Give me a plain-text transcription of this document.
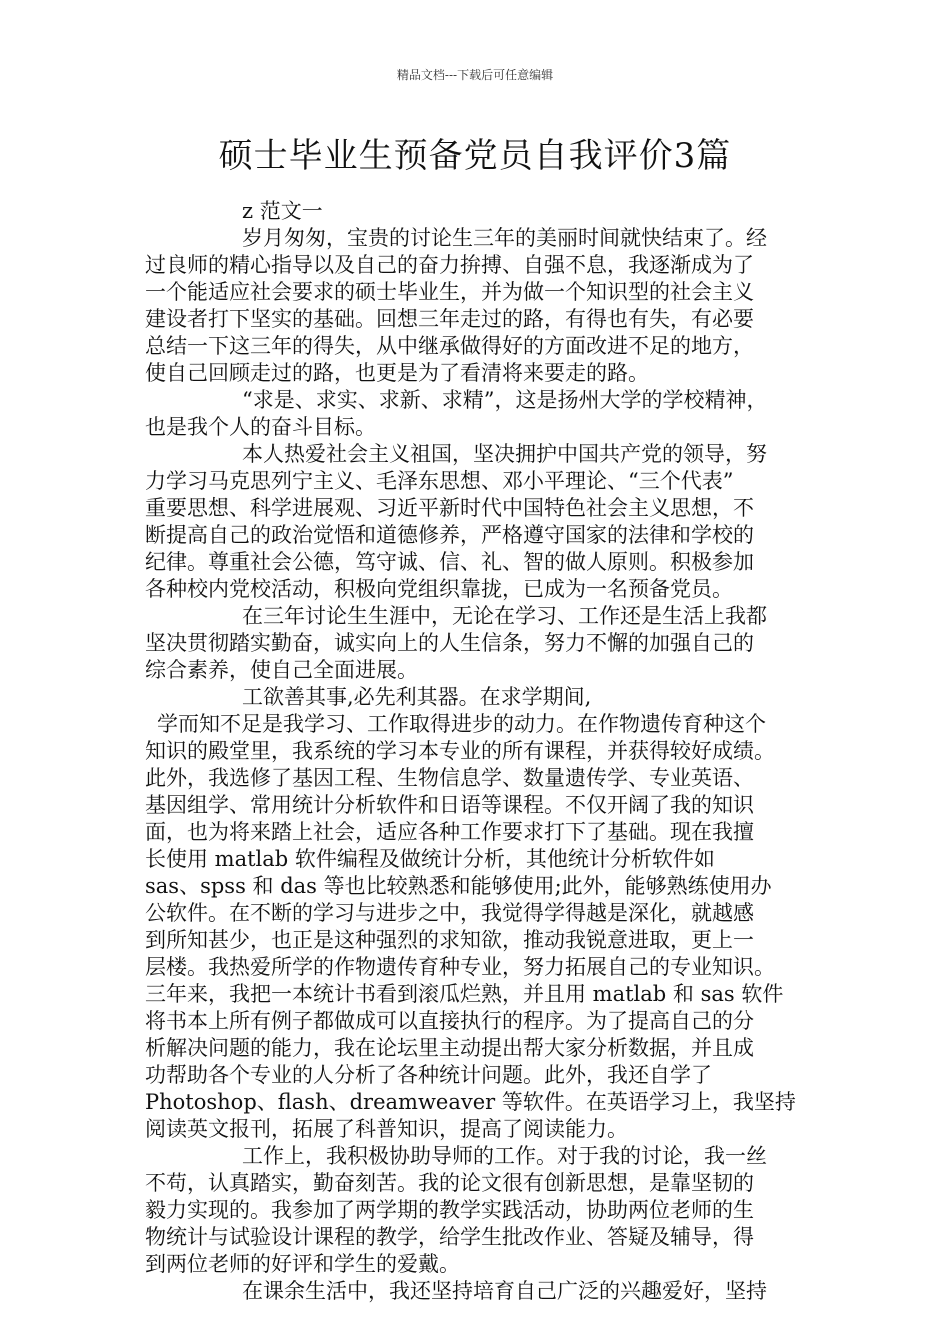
精品文档---下载后可任意编辑
硕士毕业生预备党员自我评价3篇
z 范文一
岁月匆匆，宝贵的讨论生三年的美丽时间就快结束了。经
过良师的精心指导以及自己的奋力拚搏、自强不息，我逐渐成为了
一个能适应社会要求的硕士毕业生，并为做一个知识型的社会主义
建设者打下坚实的基础。回想三年走过的路，有得也有失，有必要
总结一下这三年的得失，从中继承做得好的方面改进不足的地方，
使自己回顾走过的路，也更是为了看清将来要走的路。
“求是、求实、求新、求精”，这是扬州大学的学校精神，
也是我个人的奋斗目标。
本人热爱社会主义祖国，坚决拥护中国共产党的领导，努
力学习马克思列宁主义、毛泽东思想、邓小平理论、“三个代表”
重要思想、科学进展观、习近平新时代中国特色社会主义思想，不
断提高自己的政治觉悟和道德修养，严格遵守国家的法律和学校的
纪律。尊重社会公德，笃守诚、信、礼、智的做人原则。积极参加
各种校内党校活动，积极向党组织靠拢，已成为一名预备党员。
在三年讨论生生涯中，无论在学习、工作还是生活上我都
坚决贯彻踏实勤奋，诚实向上的人生信条，努力不懈的加强自己的
综合素养，使自己全面进展。
工欲善其事,必先利其器。在求学期间,
学而知不足是我学习、工作取得进步的动力。在作物遗传育种这个
知识的殿堂里，我系统的学习本专业的所有课程，并获得较好成绩。
此外，我选修了基因工程、生物信息学、数量遗传学、专业英语、
基因组学、常用统计分析软件和日语等课程。不仅开阔了我的知识
面，也为将来踏上社会，适应各种工作要求打下了基础。现在我擅
长使用 matlab 软件编程及做统计分析，其他统计分析软件如
sas、spss 和 das 等也比较熟悉和能够使用;此外，能够熟练使用办
公软件。在不断的学习与进步之中，我觉得学得越是深化，就越感
到所知甚少，也正是这种强烈的求知欲，推动我锐意进取，更上一
层楼。我热爱所学的作物遗传育种专业，努力拓展自己的专业知识。
三年来，我把一本统计书看到滚瓜烂熟，并且用 matlab 和 sas 软件
将书本上所有例子都做成可以直接执行的程序。为了提高自己的分
析解决问题的能力，我在论坛里主动提出帮大家分析数据，并且成
功帮助各个专业的人分析了各种统计问题。此外，我还自学了
Photoshop、flash、dreamweaver 等软件。在英语学习上，我坚持
阅读英文报刊，拓展了科普知识，提高了阅读能力。
工作上，我积极协助导师的工作。对于我的讨论，我一丝
不苟，认真踏实，勤奋刻苦。我的论文很有创新思想，是靠坚韧的
毅力实现的。我参加了两学期的教学实践活动，协助两位老师的生
物统计与试验设计课程的教学，给学生批改作业、答疑及辅导，得
到两位老师的好评和学生的爱戴。
在课余生活中，我还坚持培育自己广泛的兴趣爱好，坚持
